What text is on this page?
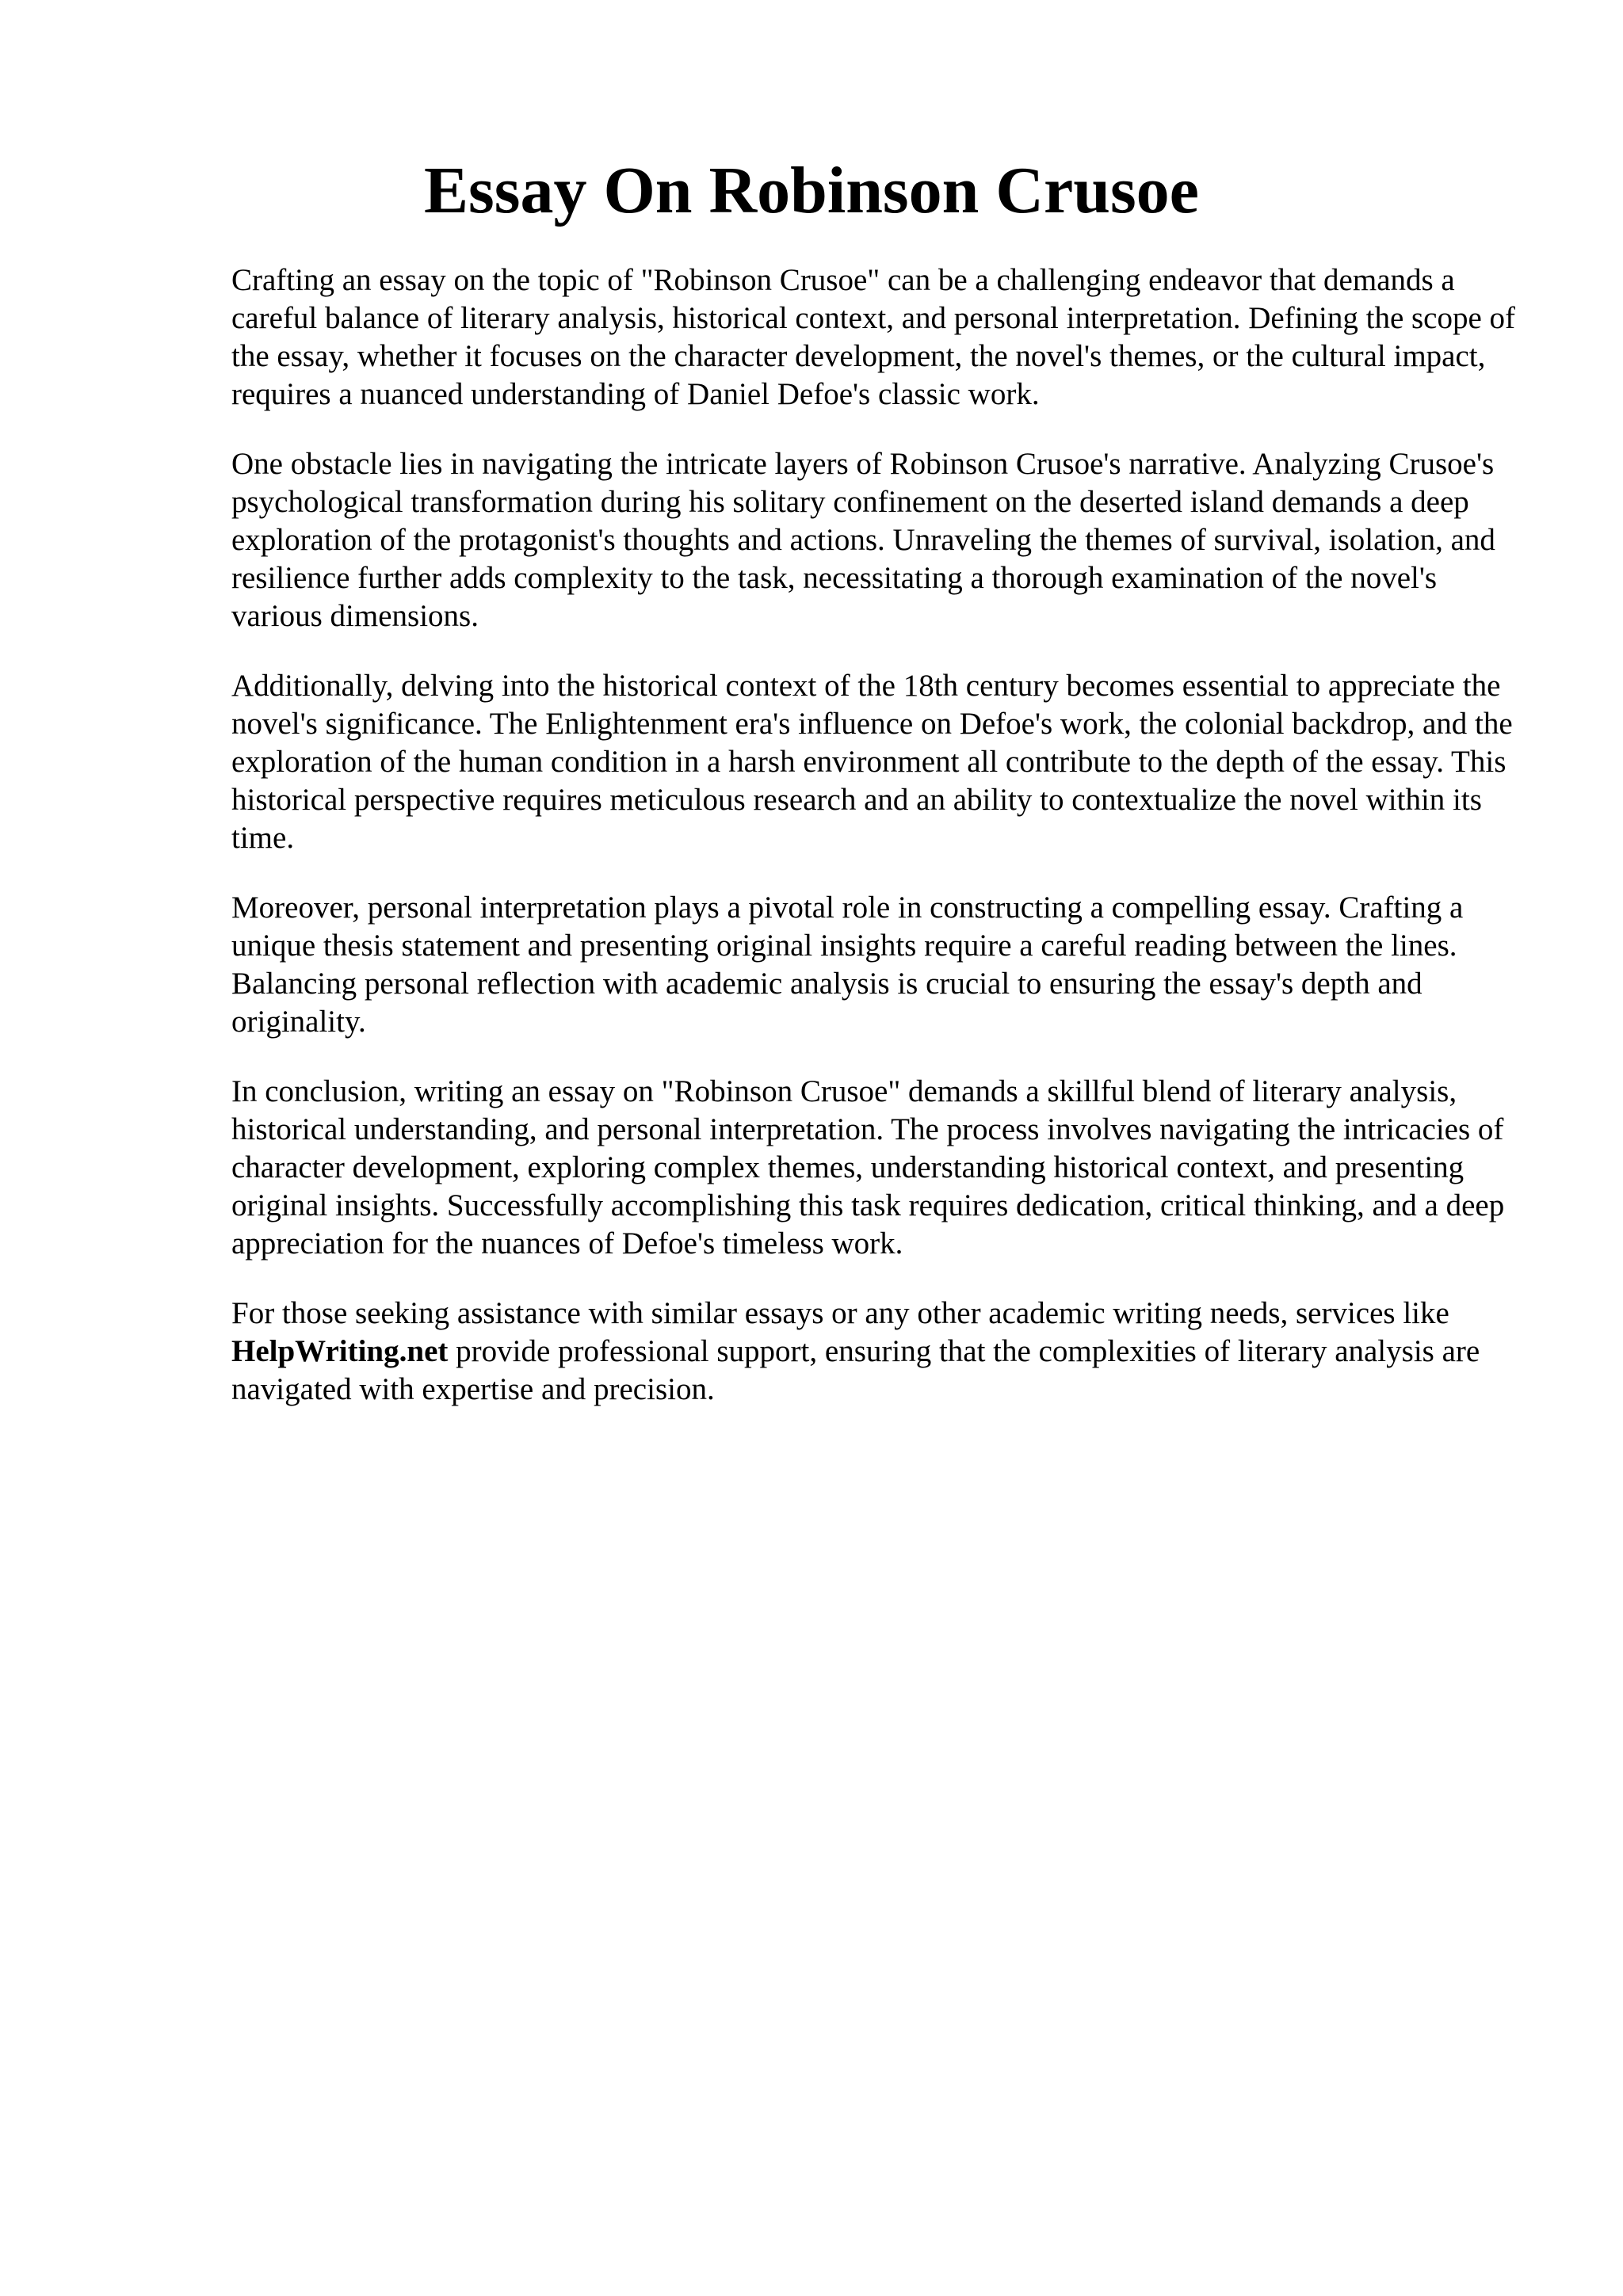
Essay On Robinson Crusoe

Crafting an essay on the topic of "Robinson Crusoe" can be a challenging endeavor that demands a careful balance of literary analysis, historical context, and personal interpretation. Defining the scope of the essay, whether it focuses on the character development, the novel's themes, or the cultural impact, requires a nuanced understanding of Daniel Defoe's classic work.

One obstacle lies in navigating the intricate layers of Robinson Crusoe's narrative. Analyzing Crusoe's psychological transformation during his solitary confinement on the deserted island demands a deep exploration of the protagonist's thoughts and actions. Unraveling the themes of survival, isolation, and resilience further adds complexity to the task, necessitating a thorough examination of the novel's various dimensions.

Additionally, delving into the historical context of the 18th century becomes essential to appreciate the novel's significance. The Enlightenment era's influence on Defoe's work, the colonial backdrop, and the exploration of the human condition in a harsh environment all contribute to the depth of the essay. This historical perspective requires meticulous research and an ability to contextualize the novel within its time.

Moreover, personal interpretation plays a pivotal role in constructing a compelling essay. Crafting a unique thesis statement and presenting original insights require a careful reading between the lines. Balancing personal reflection with academic analysis is crucial to ensuring the essay's depth and originality.

In conclusion, writing an essay on "Robinson Crusoe" demands a skillful blend of literary analysis, historical understanding, and personal interpretation. The process involves navigating the intricacies of character development, exploring complex themes, understanding historical context, and presenting original insights. Successfully accomplishing this task requires dedication, critical thinking, and a deep appreciation for the nuances of Defoe's timeless work.

For those seeking assistance with similar essays or any other academic writing needs, services like HelpWriting.net provide professional support, ensuring that the complexities of literary analysis are navigated with expertise and precision.
